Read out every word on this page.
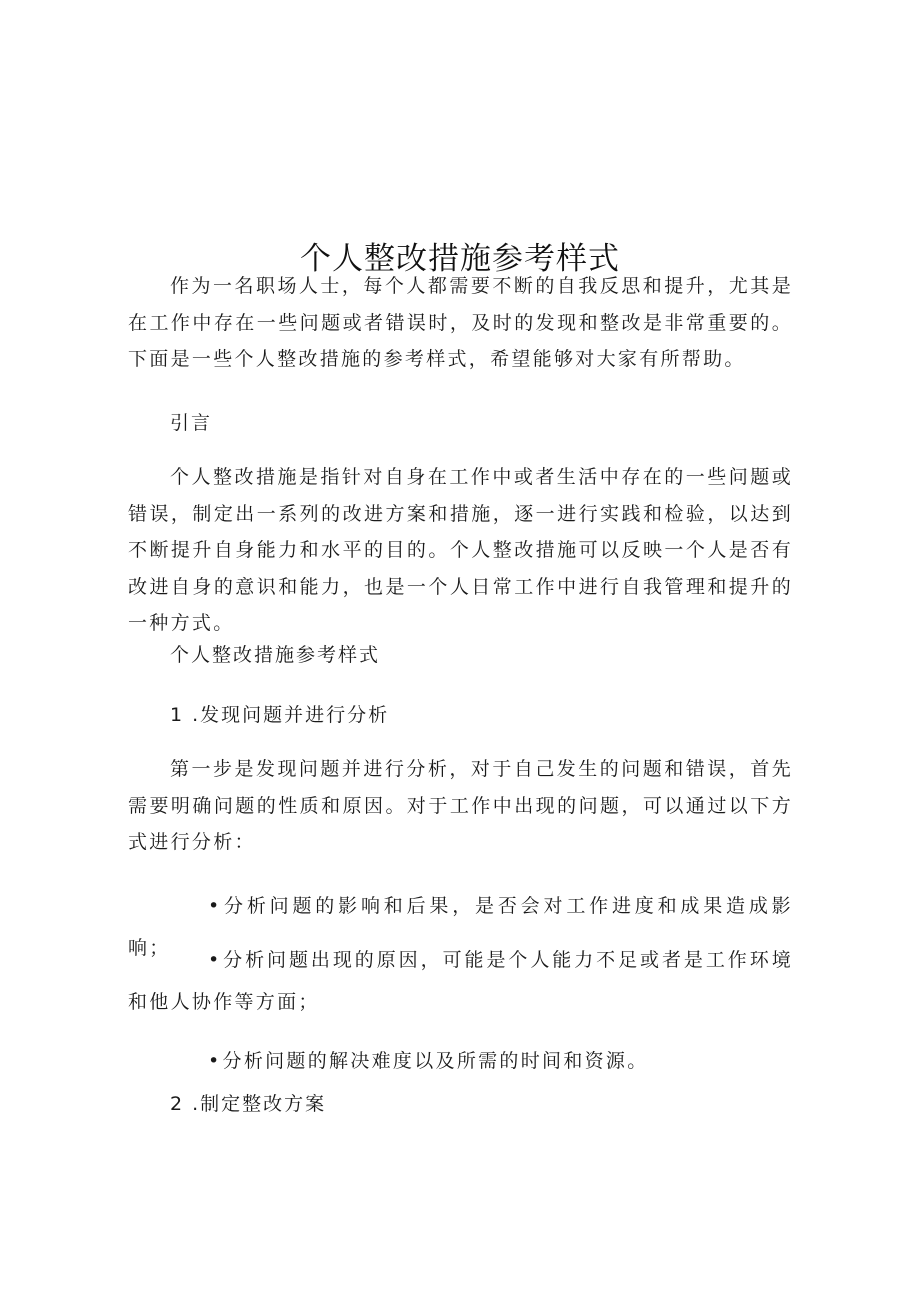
个人整改措施参考样式

作为一名职场人士，每个人都需要不断的自我反思和提升，尤其是在工作中存在一些问题或者错误时，及时的发现和整改是非常重要的。下面是一些个人整改措施的参考样式，希望能够对大家有所帮助。

引言

个人整改措施是指针对自身在工作中或者生活中存在的一些问题或错误，制定出一系列的改进方案和措施，逐一进行实践和检验，以达到不断提升自身能力和水平的目的。个人整改措施可以反映一个人是否有改进自身的意识和能力，也是一个人日常工作中进行自我管理和提升的一种方式。

个人整改措施参考样式

1 .发现问题并进行分析

第一步是发现问题并进行分析，对于自己发生的问题和错误，首先需要明确问题的性质和原因。对于工作中出现的问题，可以通过以下方式进行分析：

•分析问题的影响和后果，是否会对工作进度和成果造成影响；

•分析问题出现的原因，可能是个人能力不足或者是工作环境和他人协作等方面；

•分析问题的解决难度以及所需的时间和资源。

2 .制定整改方案
